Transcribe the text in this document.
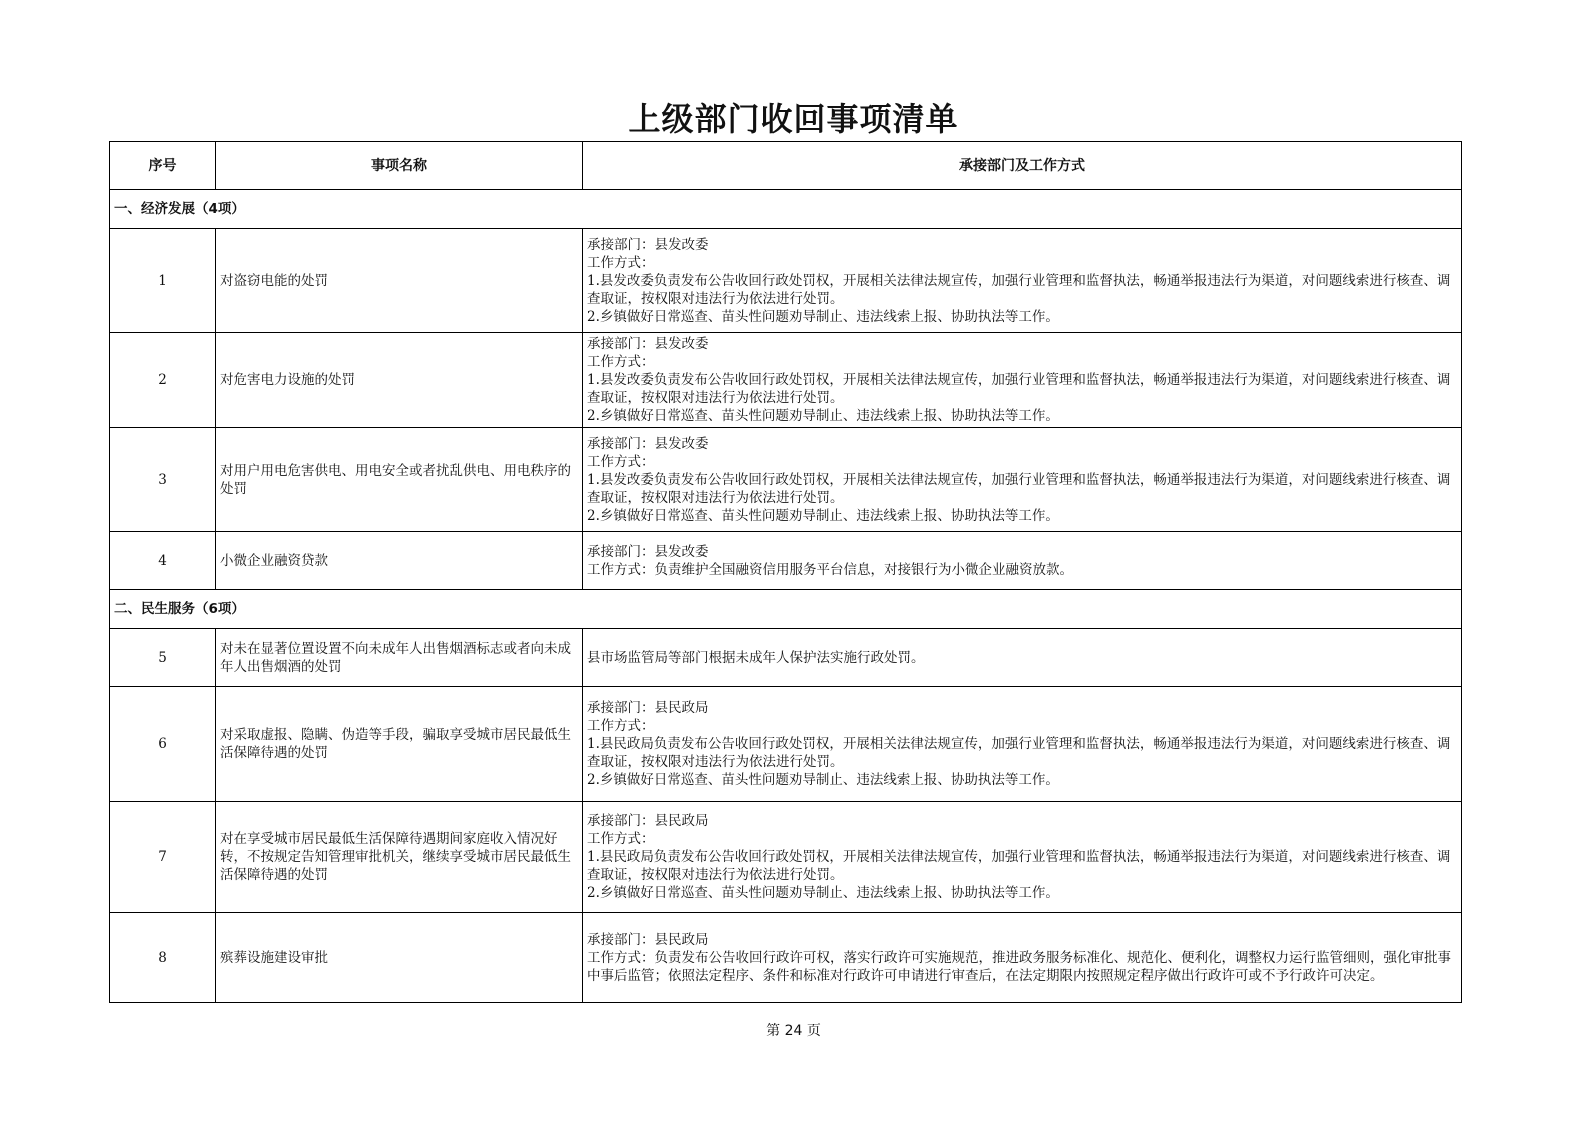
上级部门收回事项清单
序号	事项名称	承接部门及工作方式
一、经济发展（4项）		
1	对盗窃电能的处罚	承接部门：县发改委
工作方式：
1.县发改委负责发布公告收回行政处罚权，开展相关法律法规宣传，加强行业管理和监督执法，畅通举报违法行为渠道，对问题线索进行核查、调查取证，按权限对违法行为依法进行处罚。
2.乡镇做好日常巡查、苗头性问题劝导制止、违法线索上报、协助执法等工作。

2	对危害电力设施的处罚	承接部门：县发改委
工作方式：
1.县发改委负责发布公告收回行政处罚权，开展相关法律法规宣传，加强行业管理和监督执法，畅通举报违法行为渠道，对问题线索进行核查、调查取证，按权限对违法行为依法进行处罚。
2.乡镇做好日常巡查、苗头性问题劝导制止、违法线索上报、协助执法等工作。

3	对用户用电危害供电、用电安全或者扰乱供电、用电秩序的处罚	承接部门：县发改委
工作方式：
1.县发改委负责发布公告收回行政处罚权，开展相关法律法规宣传，加强行业管理和监督执法，畅通举报违法行为渠道，对问题线索进行核查、调查取证，按权限对违法行为依法进行处罚。
2.乡镇做好日常巡查、苗头性问题劝导制止、违法线索上报、协助执法等工作。

4	小微企业融资贷款	承接部门：县发改委
工作方式：负责维护全国融资信用服务平台信息，对接银行为小微企业融资放款。

二、民生服务（6项）		
5	对未在显著位置设置不向未成年人出售烟酒标志或者向未成年人出售烟酒的处罚	县市场监管局等部门根据未成年人保护法实施行政处罚。

6	对采取虚报、隐瞒、伪造等手段，骗取享受城市居民最低生活保障待遇的处罚	承接部门：县民政局
工作方式：
1.县民政局负责发布公告收回行政处罚权，开展相关法律法规宣传，加强行业管理和监督执法，畅通举报违法行为渠道，对问题线索进行核查、调查取证，按权限对违法行为依法进行处罚。
2.乡镇做好日常巡查、苗头性问题劝导制止、违法线索上报、协助执法等工作。

7	对在享受城市居民最低生活保障待遇期间家庭收入情况好转，不按规定告知管理审批机关，继续享受城市居民最低生活保障待遇的处罚	承接部门：县民政局
工作方式：
1.县民政局负责发布公告收回行政处罚权，开展相关法律法规宣传，加强行业管理和监督执法，畅通举报违法行为渠道，对问题线索进行核查、调查取证，按权限对违法行为依法进行处罚。
2.乡镇做好日常巡查、苗头性问题劝导制止、违法线索上报、协助执法等工作。

8	殡葬设施建设审批	承接部门：县民政局
工作方式：负责发布公告收回行政许可权，落实行政许可实施规范，推进政务服务标准化、规范化、便利化，调整权力运行监管细则，强化审批事中事后监管；依照法定程序、条件和标准对行政许可申请进行审查后，在法定期限内按照规定程序做出行政许可或不予行政许可决定。
第 24 页
